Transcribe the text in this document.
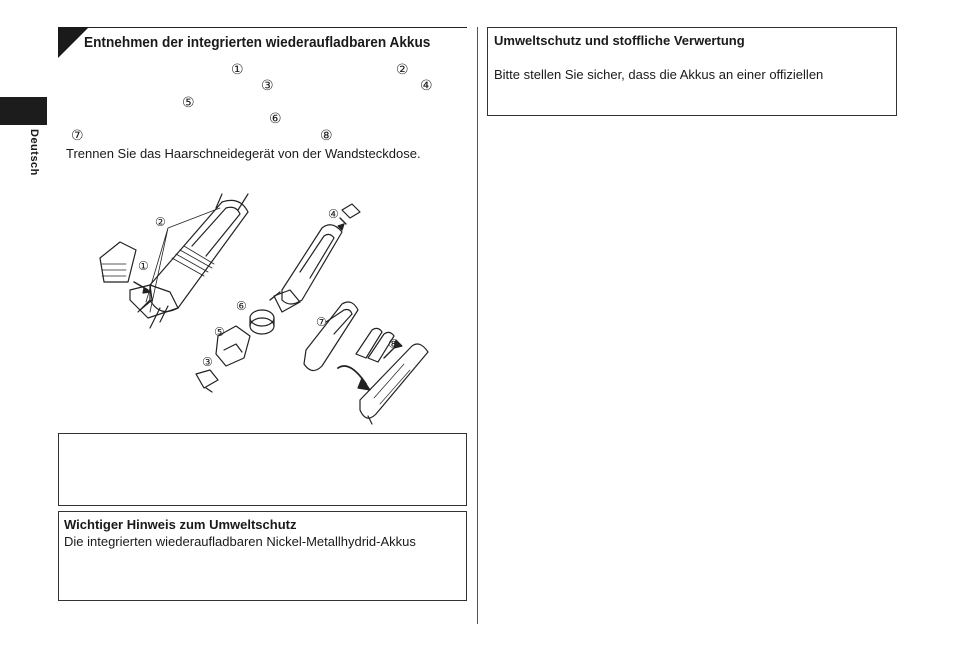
Entnehmen der integrierten wiederaufladbaren Akkus
①	②
③	④
⑤
⑥
⑦	⑧
Trennen Sie das Haarschneidegerät von der Wandsteckdose.
Deutsch
②
①
④
⑥
⑤
③
⑦
⑧
Wichtiger Hinweis zum Umweltschutz
Die integrierten wiederaufladbaren Nickel-Metallhydrid-Akkus
Umweltschutz und stoffliche Verwertung
Bitte stellen Sie sicher, dass die Akkus an einer offiziellen
